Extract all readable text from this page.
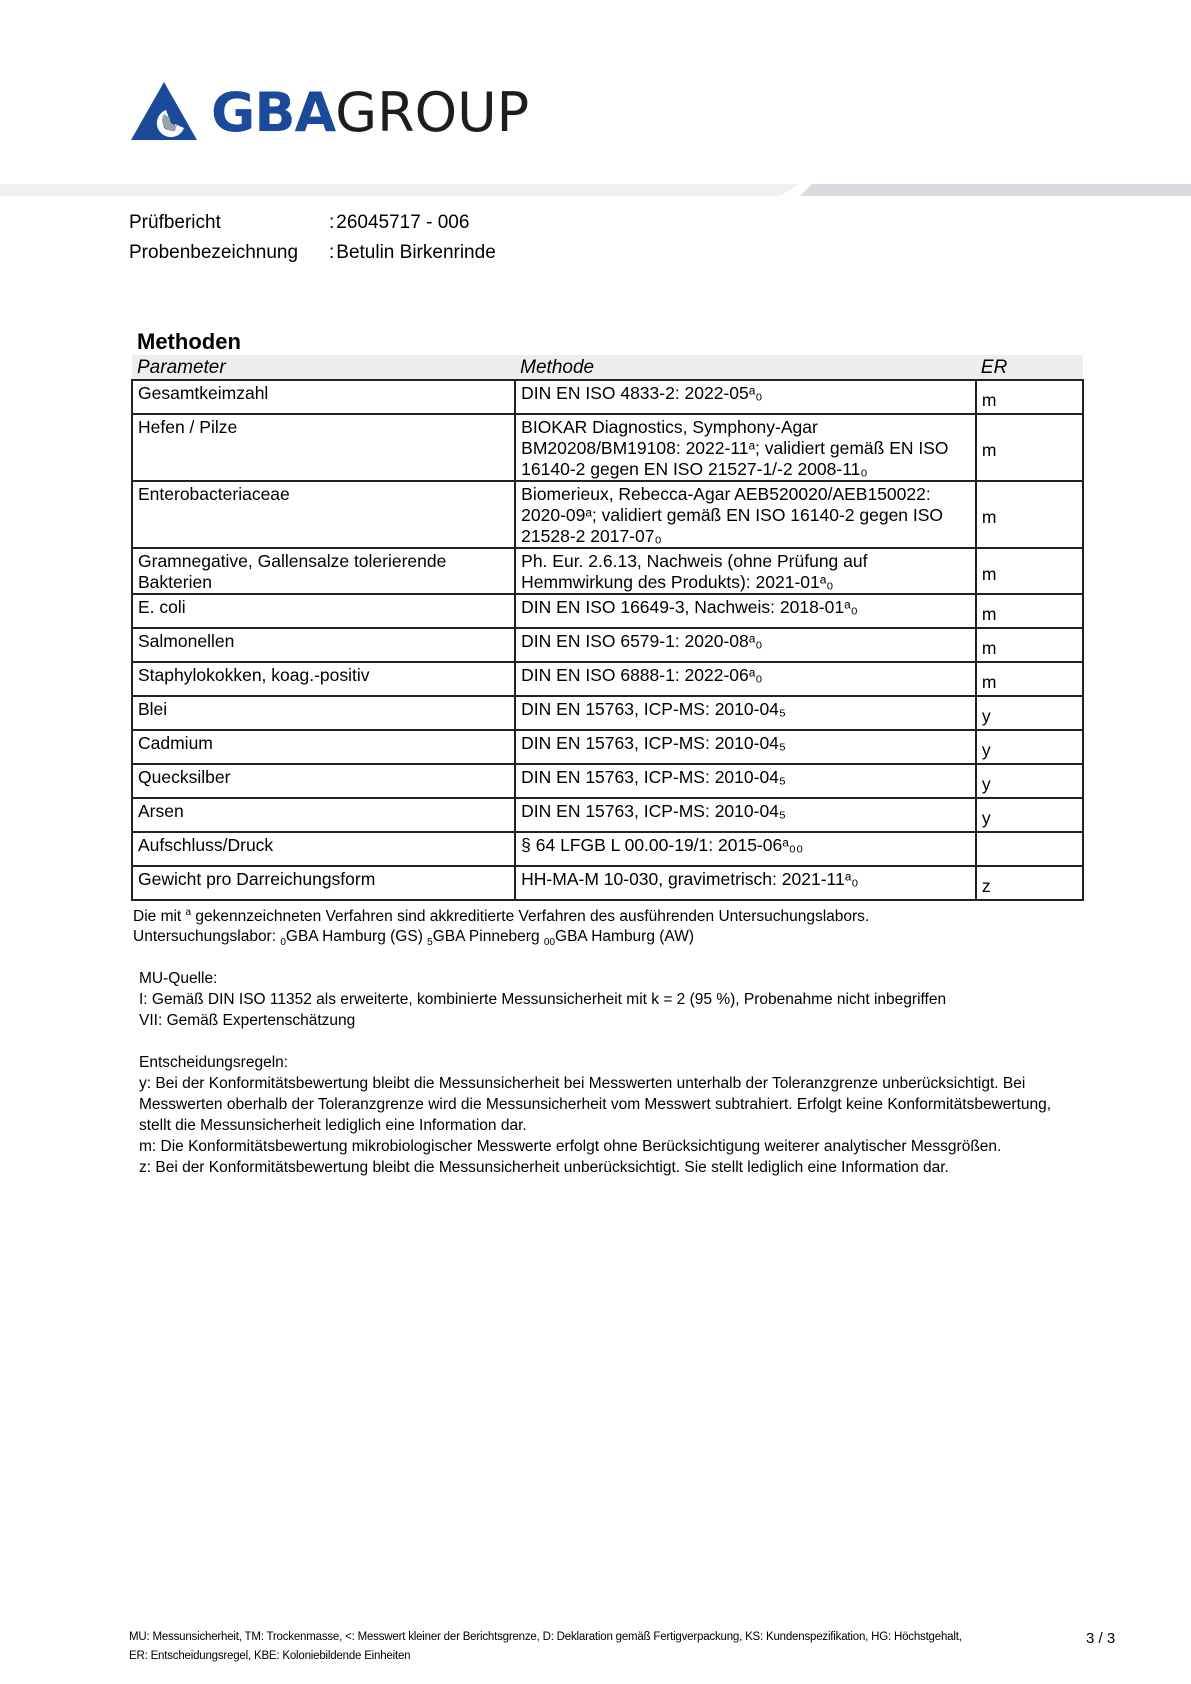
GBAGROUP
Prüfbericht	: 26045717 - 006
Probenbezeichnung	: Betulin Birkenrinde
Methoden
Parameter	Methode	ER
Gesamtkeimzahl	DIN EN ISO 4833-2: 2022-05ᵃ₀	m
Hefen / Pilze	BIOKAR Diagnostics, Symphony-Agar BM20208/BM19108: 2022-11ᵃ; validiert gemäß EN ISO 16140-2 gegen EN ISO 21527-1/-2 2008-11₀	m
Enterobacteriaceae	Biomerieux, Rebecca-Agar AEB520020/AEB150022: 2020-09ᵃ; validiert gemäß EN ISO 16140-2 gegen ISO 21528-2 2017-07₀	m
Gramnegative, Gallensalze tolerierende Bakterien	Ph. Eur. 2.6.13, Nachweis (ohne Prüfung auf Hemmwirkung des Produkts): 2021-01ᵃ₀	m
E. coli	DIN EN ISO 16649-3, Nachweis: 2018-01ᵃ₀	m
Salmonellen	DIN EN ISO 6579-1: 2020-08ᵃ₀	m
Staphylokokken, koag.-positiv	DIN EN ISO 6888-1: 2022-06ᵃ₀	m
Blei	DIN EN 15763, ICP-MS: 2010-04₅	y
Cadmium	DIN EN 15763, ICP-MS: 2010-04₅	y
Quecksilber	DIN EN 15763, ICP-MS: 2010-04₅	y
Arsen	DIN EN 15763, ICP-MS: 2010-04₅	y
Aufschluss/Druck	§ 64 LFGB L 00.00-19/1: 2015-06ᵃ₀₀	
Gewicht pro Darreichungsform	HH-MA-M 10-030, gravimetrisch: 2021-11ᵃ₀	z
Die mit $^a$ gekennzeichneten Verfahren sind akkreditierte Verfahren des ausführenden Untersuchungslabors.
Untersuchungslabor: $_0$GBA Hamburg (GS) $_5$GBA Pinneberg $_{00}$GBA Hamburg (AW)
MU-Quelle:
I: Gemäß DIN ISO 11352 als erweiterte, kombinierte Messunsicherheit mit k = 2 (95 %), Probenahme nicht inbegriffen
VII: Gemäß Expertenschätzung
Entscheidungsregeln:
y: Bei der Konformitätsbewertung bleibt die Messunsicherheit bei Messwerten unterhalb der Toleranzgrenze unberücksichtigt. Bei Messwerten oberhalb der Toleranzgrenze wird die Messunsicherheit vom Messwert subtrahiert. Erfolgt keine Konformitätsbewertung, stellt die Messunsicherheit lediglich eine Information dar.
m: Die Konformitätsbewertung mikrobiologischer Messwerte erfolgt ohne Berücksichtigung weiterer analytischer Messgrößen.
z: Bei der Konformitätsbewertung bleibt die Messunsicherheit unberücksichtigt. Sie stellt lediglich eine Information dar.
MU: Messunsicherheit, TM: Trockenmasse, <: Messwert kleiner der Berichtsgrenze, D: Deklaration gemäß Fertigverpackung, KS: Kundenspezifikation, HG: Höchstgehalt,
ER: Entscheidungsregel, KBE: Koloniebildende Einheiten
3 / 3
